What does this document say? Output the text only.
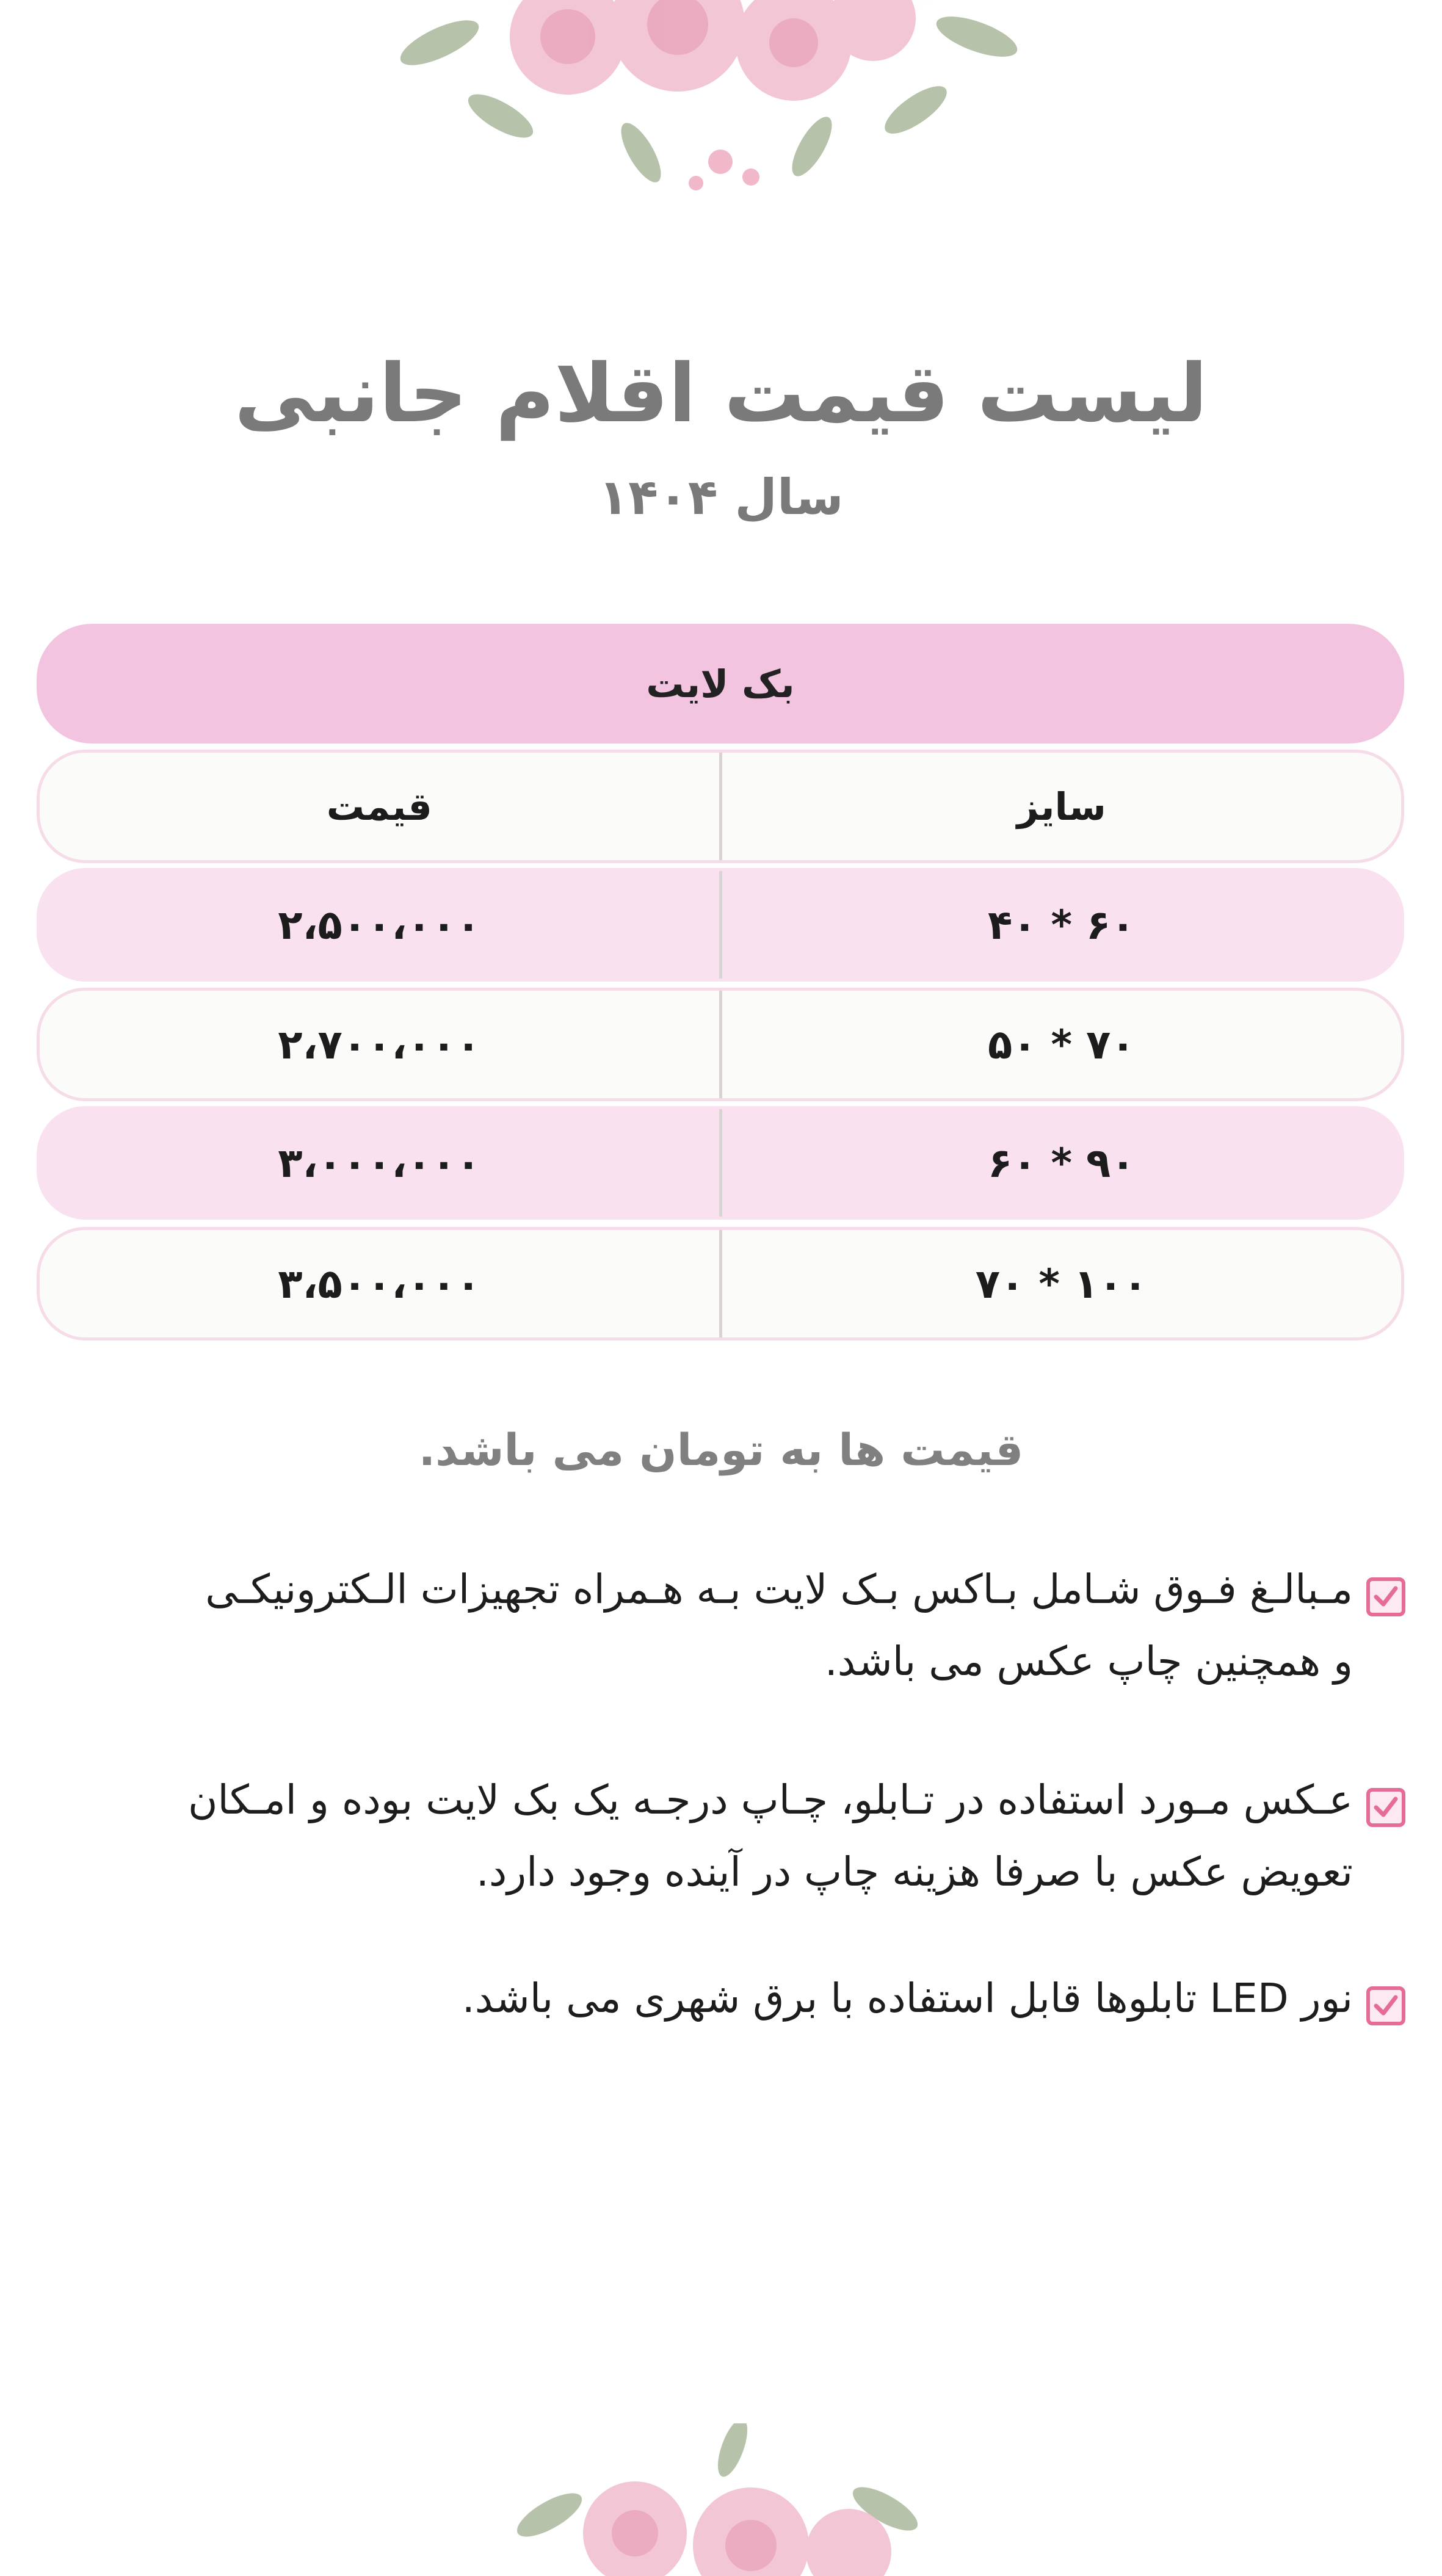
لیست قیمت اقلام جانبی
سال ۱۴۰۴
بک لایت
سایز
قیمت
۶۰ * ۴۰
۲،۵۰۰،۰۰۰
۷۰ * ۵۰
۲،۷۰۰،۰۰۰
۹۰ * ۶۰
۳،۰۰۰،۰۰۰
۱۰۰ * ۷۰
۳،۵۰۰،۰۰۰
قیمت ها به تومان می باشد.
مـبالـغ فـوق شـامل بـاکس بـک لایت بـه هـمراه تجهیزات الـکترونیکـی
و همچنین چاپ عکس می باشد.
عـکس مـورد استفاده در تـابلو، چـاپ درجـه یک بک لایت بوده و امـکان
تعویض عکس با صرفا هزینه چاپ در آینده وجود دارد.
نور LED تابلوها قابل استفاده با برق شهری می باشد.
